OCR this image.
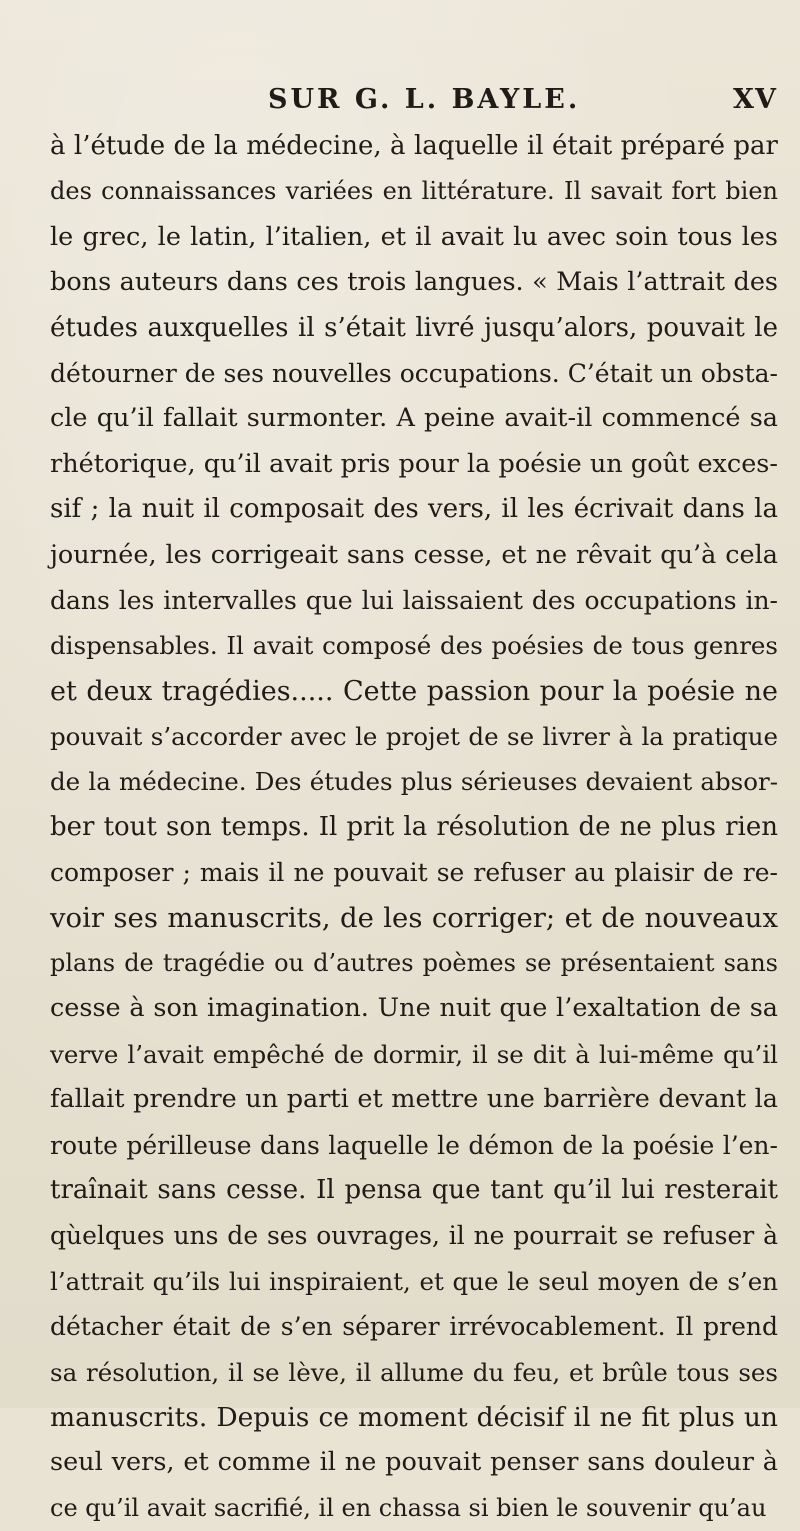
SUR G. L. BAYLE.	XV
à l’étude de la médecine, à laquelle il était préparé par
des connaissances variées en littérature. Il savait fort bien
le grec, le latin, l’italien, et il avait lu avec soin tous les
bons auteurs dans ces trois langues. « Mais l’attrait des
études auxquelles il s’était livré jusqu’alors, pouvait le
détourner de ses nouvelles occupations. C’était un obsta-
cle qu’il fallait surmonter. A peine avait-il commencé sa
rhétorique, qu’il avait pris pour la poésie un goût exces-
sif ; la nuit il composait des vers, il les écrivait dans la
journée, les corrigeait sans cesse, et ne rêvait qu’à cela
dans les intervalles que lui laissaient des occupations in-
dispensables. Il avait composé des poésies de tous genres
et deux tragédies..... Cette passion pour la poésie ne
pouvait s’accorder avec le projet de se livrer à la pratique
de la médecine. Des études plus sérieuses devaient absor-
ber tout son temps. Il prit la résolution de ne plus rien
composer ; mais il ne pouvait se refuser au plaisir de re-
voir ses manuscrits, de les corriger; et de nouveaux
plans de tragédie ou d’autres poèmes se présentaient sans
cesse à son imagination. Une nuit que l’exaltation de sa
verve l’avait empêché de dormir, il se dit à lui-même qu’il
fallait prendre un parti et mettre une barrière devant la
route périlleuse dans laquelle le démon de la poésie l’en-
traînait sans cesse. Il pensa que tant qu’il lui resterait
qùelques uns de ses ouvrages, il ne pourrait se refuser à
l’attrait qu’ils lui inspiraient, et que le seul moyen de s’en
détacher était de s’en séparer irrévocablement. Il prend
sa résolution, il se lève, il allume du feu, et brûle tous ses
manuscrits. Depuis ce moment décisif il ne fit plus un
seul vers, et comme il ne pouvait penser sans douleur à
ce qu’il avait sacrifié, il en chassa si bien le souvenir qu’au
